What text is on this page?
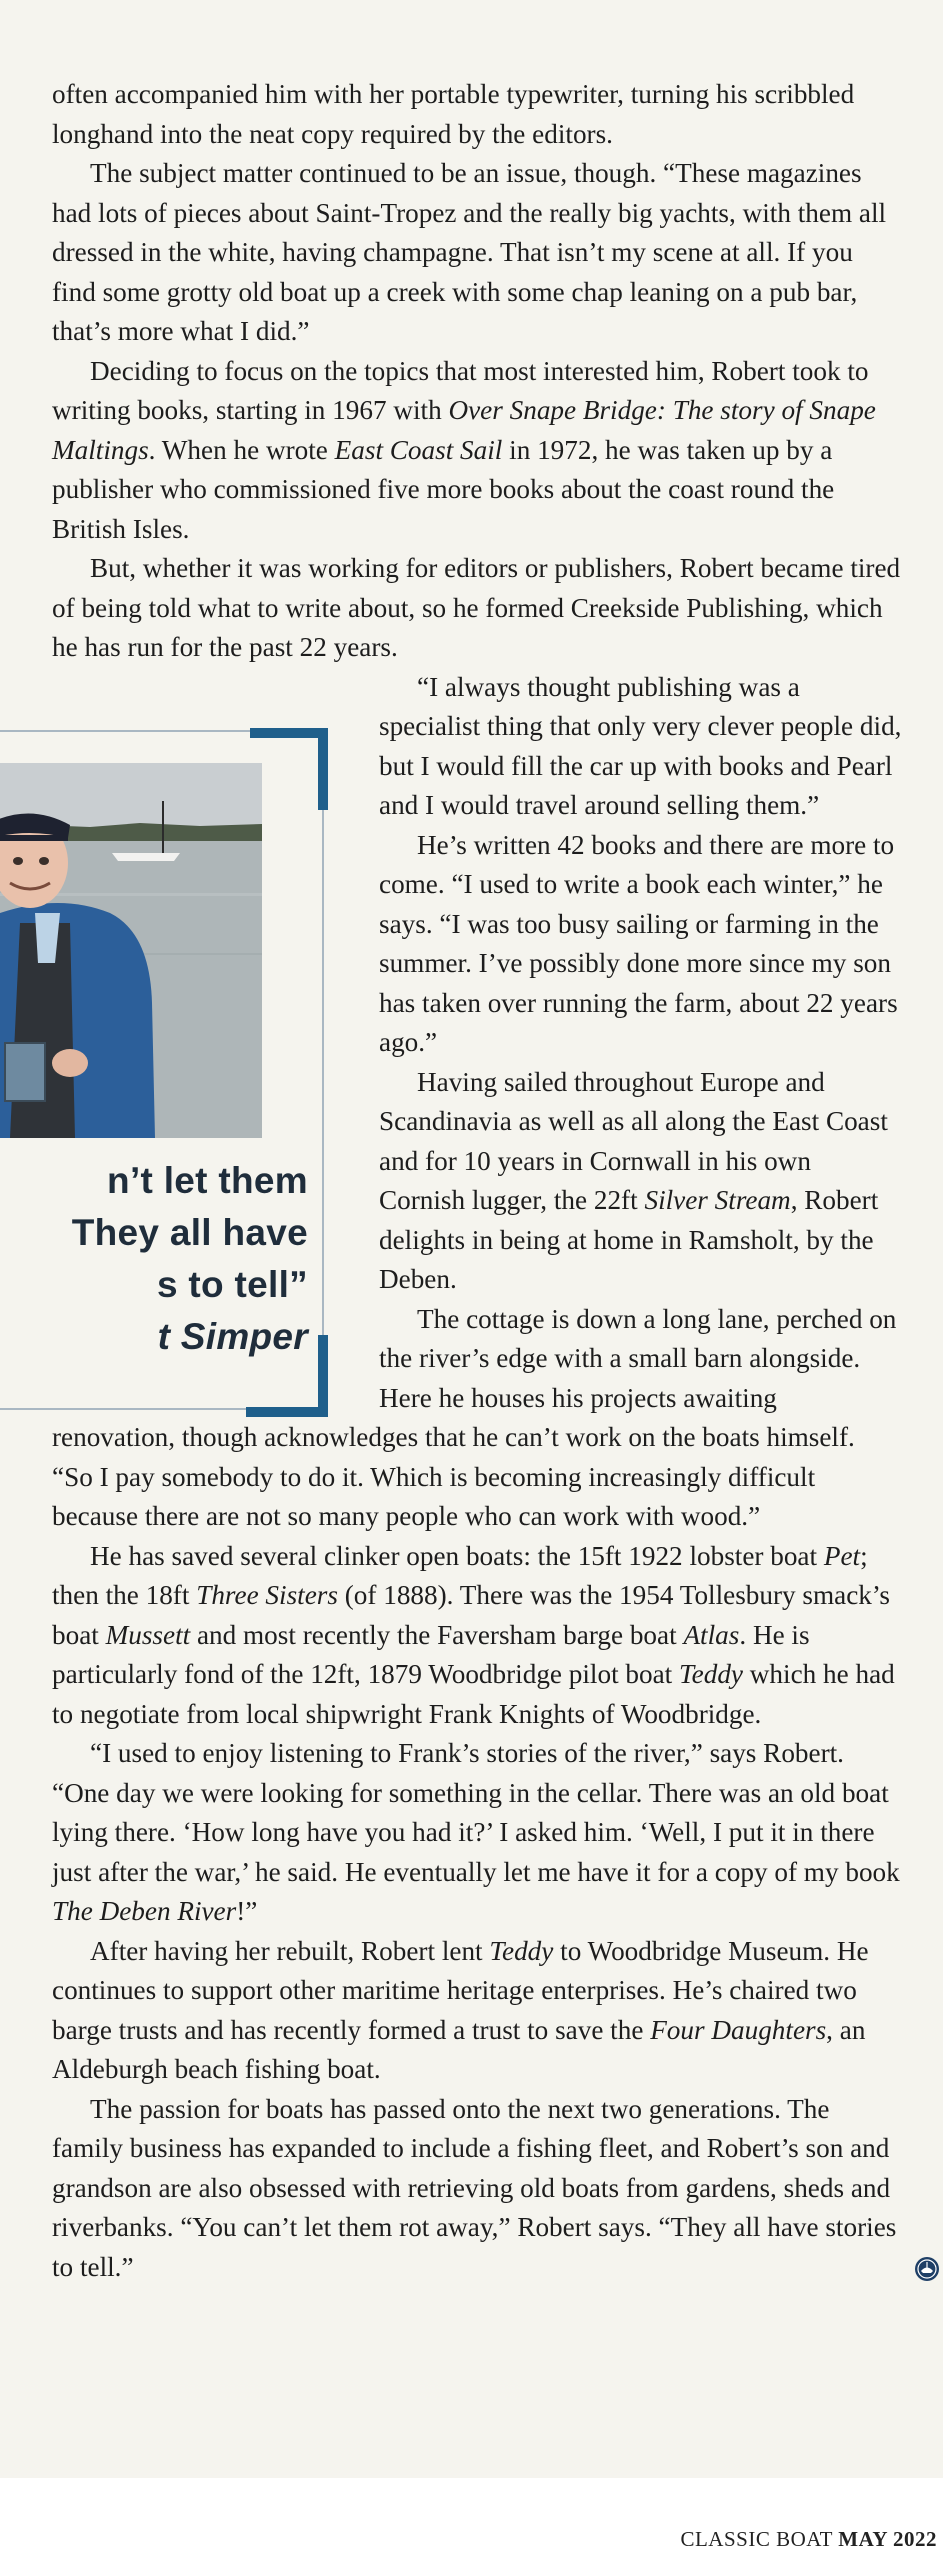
often accompanied him with her portable typewriter, turning his scribbled longhand into the neat copy required by the editors.

The subject matter continued to be an issue, though. “These magazines had lots of pieces about Saint-Tropez and the really big yachts, with them all dressed in the white, having champagne. That isn’t my scene at all. If you find some grotty old boat up a creek with some chap leaning on a pub bar, that’s more what I did.”

Deciding to focus on the topics that most interested him, Robert took to writing books, starting in 1967 with Over Snape Bridge: The story of Snape Maltings. When he wrote East Coast Sail in 1972, he was taken up by a publisher who commissioned five more books about the coast round the British Isles.

But, whether it was working for editors or publishers, Robert became tired of being told what to write about, so he formed Creekside Publishing, which he has run for the past 22 years.

“I always thought publishing was a specialist thing that only very clever people did, but I would fill the car up with books and Pearl and I would travel around selling them.”

He’s written 42 books and there are more to come. “I used to write a book each winter,” he says. “I was too busy sailing or farming in the summer. I’ve possibly done more since my son has taken over running the farm, about 22 years ago.”

Having sailed throughout Europe and Scandinavia as well as all along the East Coast and for 10 years in Cornwall in his own Cornish lugger, the 22ft Silver Stream, Robert delights in being at home in Ramsholt, by the Deben.

The cottage is down a long lane, perched on the river’s edge with a small barn alongside. Here he houses his projects awaiting renovation, though acknowledges that he can’t work on the boats himself. “So I pay somebody to do it. Which is becoming increasingly difficult because there are not so many people who can work with wood.”

He has saved several clinker open boats: the 15ft 1922 lobster boat Pet; then the 18ft Three Sisters (of 1888). There was the 1954 Tollesbury smack’s boat Mussett and most recently the Faversham barge boat Atlas. He is particularly fond of the 12ft, 1879 Woodbridge pilot boat Teddy which he had to negotiate from local shipwright Frank Knights of Woodbridge.

“I used to enjoy listening to Frank’s stories of the river,” says Robert. “One day we were looking for something in the cellar. There was an old boat lying there. ‘How long have you had it?’ I asked him. ‘Well, I put it in there just after the war,’ he said. He eventually let me have it for a copy of my book The Deben River!”

After having her rebuilt, Robert lent Teddy to Woodbridge Museum. He continues to support other maritime heritage enterprises. He’s chaired two barge trusts and has recently formed a trust to save the Four Daughters, an Aldeburgh beach fishing boat.

The passion for boats has passed onto the next two generations. The family business has expanded to include a fishing fleet, and Robert’s son and grandson are also obsessed with retrieving old boats from gardens, sheds and riverbanks. “You can’t let them rot away,” Robert says. “They all have stories to tell.”

n’t let them
They all have
s to tell”
t Simper
CLASSIC BOAT MAY 2022
